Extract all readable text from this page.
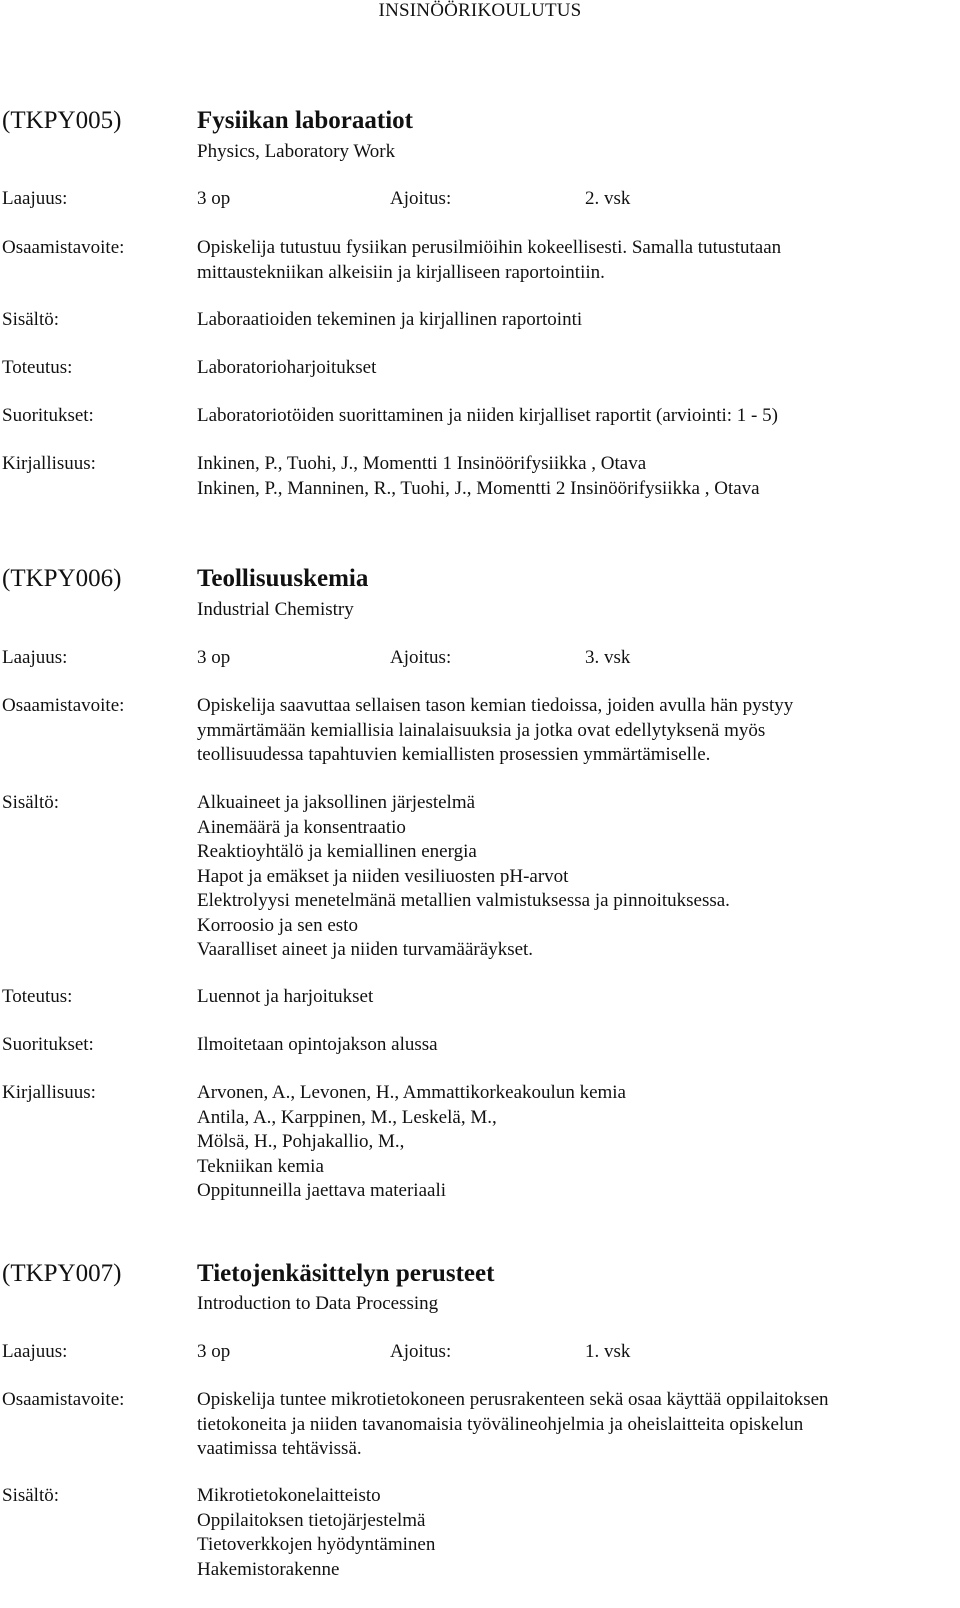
INSINÖÖRIKOULUTUS
(TKPY005)	Fysiikan laboraatiot
Physics, Laboratory Work
Laajuus:	3 op	Ajoitus:	2. vsk
Osaamistavoite:	Opiskelija tutustuu fysiikan perusilmiöihin kokeellisesti. Samalla tutustutaan
mittaustekniikan alkeisiin ja kirjalliseen raportointiin.
Sisältö:	Laboraatioiden tekeminen ja kirjallinen raportointi
Toteutus:	Laboratorioharjoitukset
Suoritukset:	Laboratoriotöiden suorittaminen ja niiden kirjalliset raportit (arviointi: 1 - 5)
Kirjallisuus:	Inkinen, P., Tuohi, J., Momentti 1 Insinöörifysiikka , Otava
Inkinen, P., Manninen, R., Tuohi, J., Momentti 2 Insinöörifysiikka , Otava
(TKPY006)	Teollisuuskemia
Industrial Chemistry
Laajuus:	3 op	Ajoitus:	3. vsk
Osaamistavoite:	Opiskelija saavuttaa sellaisen tason kemian tiedoissa, joiden avulla hän pystyy
ymmärtämään kemiallisia lainalaisuuksia ja jotka ovat edellytyksenä myös
teollisuudessa tapahtuvien kemiallisten prosessien ymmärtämiselle.
Sisältö:	Alkuaineet ja jaksollinen järjestelmä
Ainemäärä ja konsentraatio
Reaktioyhtälö ja kemiallinen energia
Hapot ja emäkset ja niiden vesiliuosten pH-arvot
Elektrolyysi menetelmänä metallien valmistuksessa ja pinnoituksessa.
Korroosio ja sen esto
Vaaralliset aineet ja niiden turvamääräykset.
Toteutus:	Luennot ja harjoitukset
Suoritukset:	Ilmoitetaan opintojakson alussa
Kirjallisuus:	Arvonen, A., Levonen, H., Ammattikorkeakoulun kemia
Antila, A., Karppinen, M., Leskelä, M.,
Mölsä, H., Pohjakallio, M.,
Tekniikan kemia
Oppitunneilla jaettava materiaali
(TKPY007)	Tietojenkäsittelyn perusteet
Introduction to Data Processing
Laajuus:	3 op	Ajoitus:	1. vsk
Osaamistavoite:	Opiskelija tuntee mikrotietokoneen perusrakenteen sekä osaa käyttää oppilaitoksen
tietokoneita ja niiden tavanomaisia työvälineohjelmia ja oheislaitteita opiskelun
vaatimissa tehtävissä.
Sisältö:	Mikrotietokonelaitteisto
Oppilaitoksen tietojärjestelmä
Tietoverkkojen hyödyntäminen
Hakemistorakenne
